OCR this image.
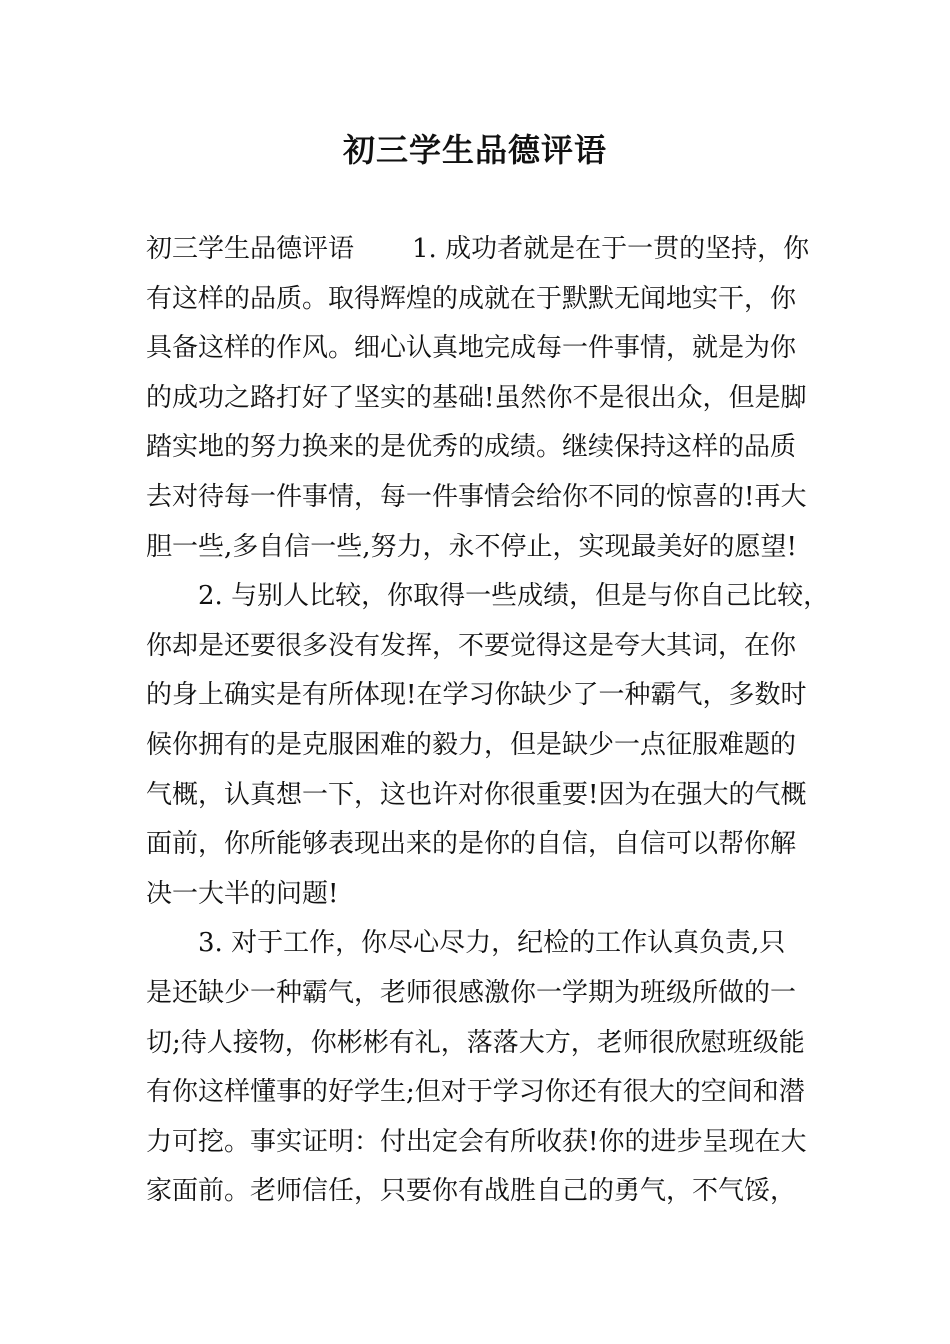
初三学生品德评语
初三学生品德评语 1. 成功者就是在于一贯的坚持，你
有这样的品质。取得辉煌的成就在于默默无闻地实干，你
具备这样的作风。细心认真地完成每一件事情，就是为你
的成功之路打好了坚实的基础!虽然你不是很出众，但是脚
踏实地的努力换来的是优秀的成绩。继续保持这样的品质
去对待每一件事情，每一件事情会给你不同的惊喜的!再大
胆一些,多自信一些,努力，永不停止，实现最美好的愿望!
　　2. 与别人比较，你取得一些成绩，但是与你自己比较，
你却是还要很多没有发挥，不要觉得这是夸大其词，在你
的身上确实是有所体现!在学习你缺少了一种霸气，多数时
候你拥有的是克服困难的毅力，但是缺少一点征服难题的
气概，认真想一下，这也许对你很重要!因为在强大的气概
面前，你所能够表现出来的是你的自信，自信可以帮你解
决一大半的问题!
　　3. 对于工作，你尽心尽力，纪检的工作认真负责,只
是还缺少一种霸气，老师很感激你一学期为班级所做的一
切;待人接物，你彬彬有礼，落落大方，老师很欣慰班级能
有你这样懂事的好学生;但对于学习你还有很大的空间和潜
力可挖。事实证明：付出定会有所收获!你的进步呈现在大
家面前。老师信任，只要你有战胜自己的勇气，不气馁，
